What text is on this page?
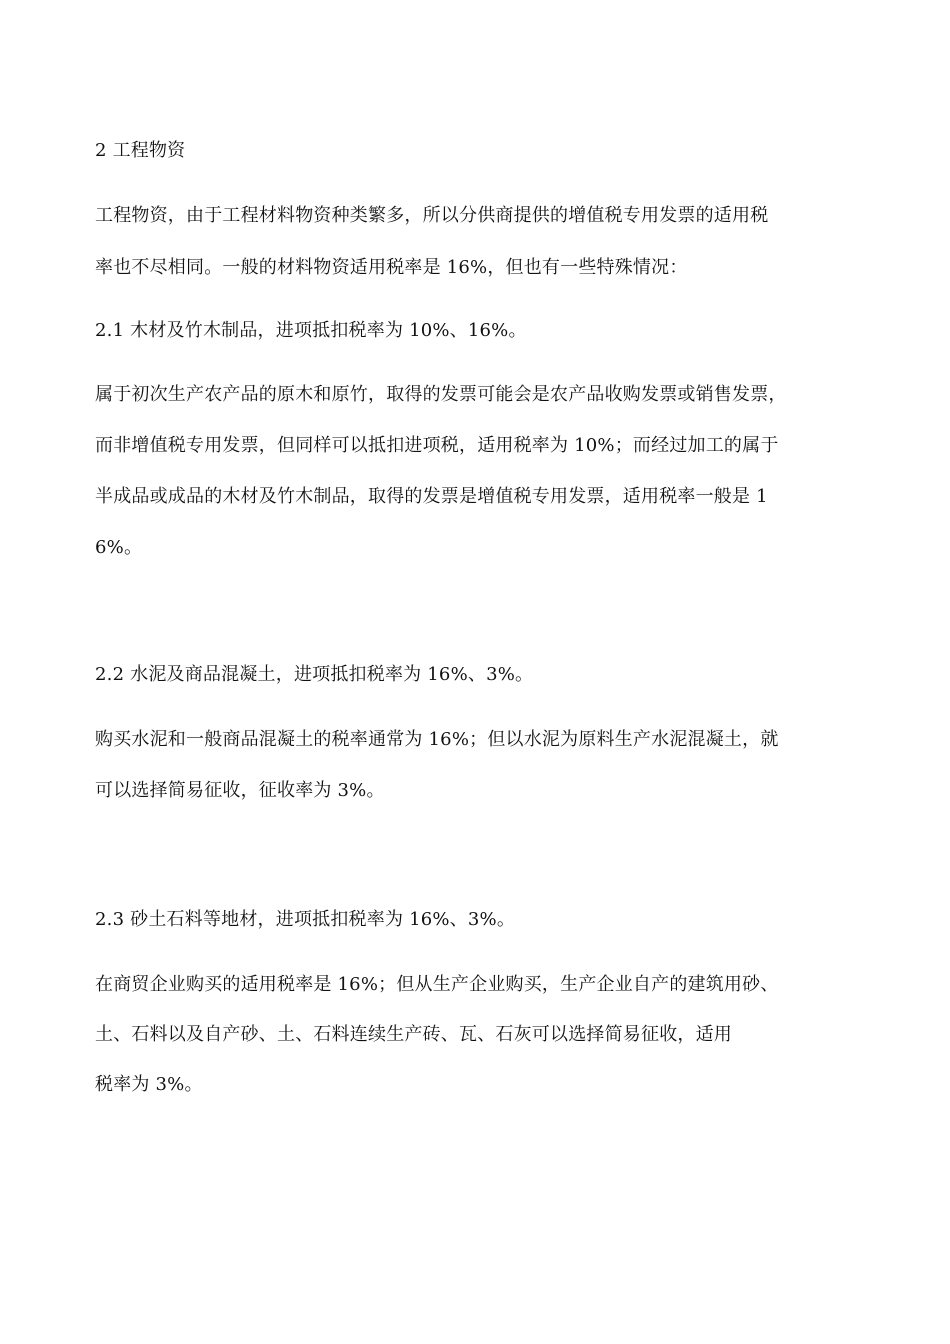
2 工程物资
工程物资，由于工程材料物资种类繁多，所以分供商提供的增值税专用发票的适用税
率也不尽相同。一般的材料物资适用税率是 16%，但也有一些特殊情况：
2.1 木材及竹木制品，进项抵扣税率为 10%、16%。
属于初次生产农产品的原木和原竹，取得的发票可能会是农产品收购发票或销售发票，
而非增值税专用发票，但同样可以抵扣进项税，适用税率为 10%；而经过加工的属于
半成品或成品的木材及竹木制品，取得的发票是增值税专用发票，适用税率一般是 1
6%。
2.2 水泥及商品混凝土，进项抵扣税率为 16%、3%。
购买水泥和一般商品混凝土的税率通常为 16%；但以水泥为原料生产水泥混凝土，就
可以选择简易征收，征收率为 3%。
2.3 砂土石料等地材，进项抵扣税率为 16%、3%。
在商贸企业购买的适用税率是 16%；但从生产企业购买，生产企业自产的建筑用砂、
土、石料以及自产砂、土、石料连续生产砖、瓦、石灰可以选择简易征收，适用
税率为 3%。
